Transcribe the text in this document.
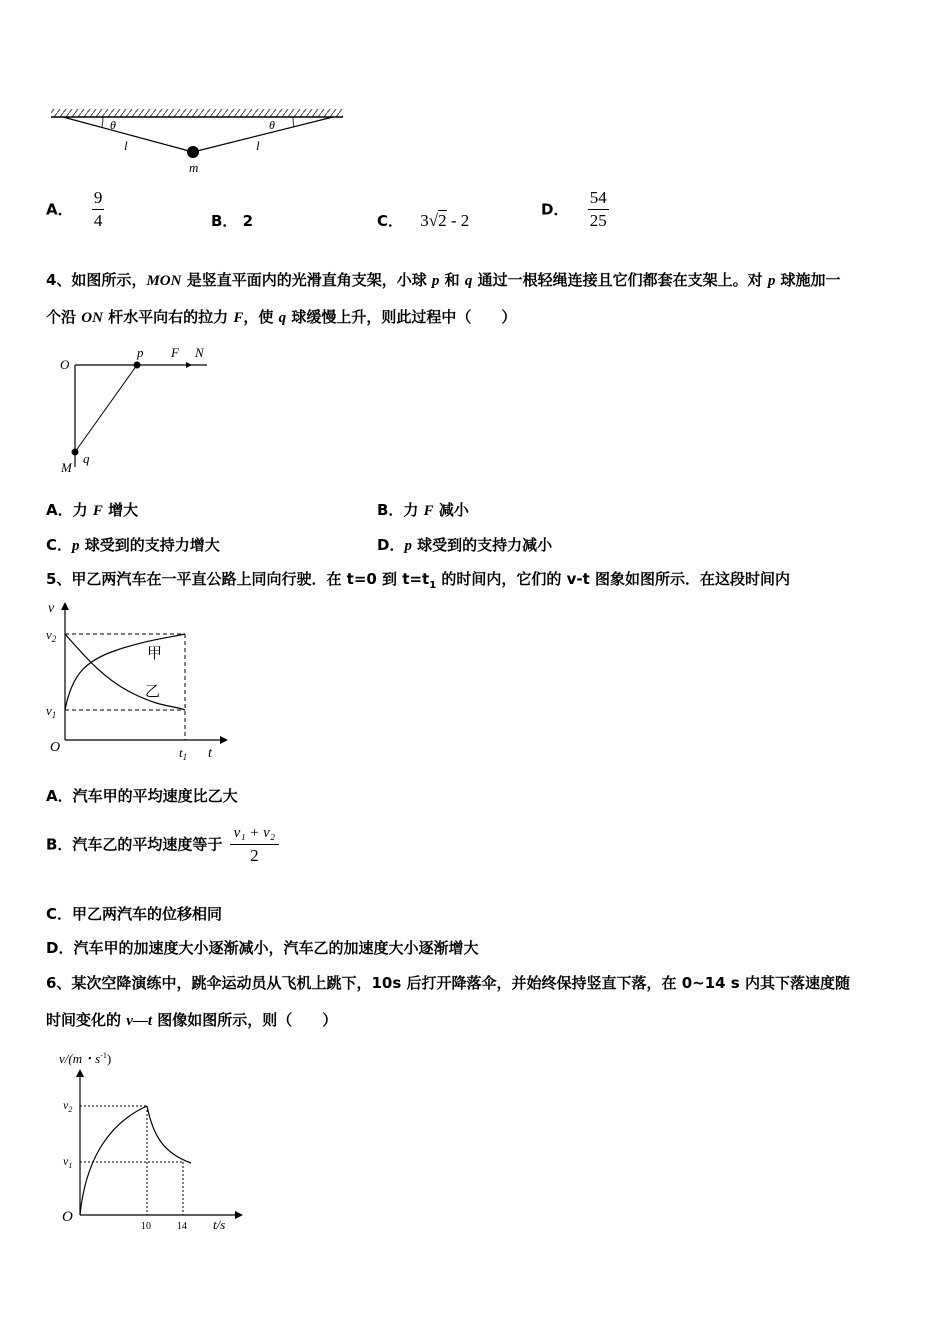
θ	θ
l	l
m
A． $\frac{9}{4}$	B． 2	C． 3√2 - 2
D． $\frac{54}{25}$
4、如图所示，MON 是竖直平面内的光滑直角支架，小球 p 和 q 通过一根轻绳连接且它们都套在支架上。对 p 球施加一
个沿 ON 杆水平向右的拉力 F，使 q 球缓慢上升，则此过程中（　　）
O
p F N
M
q
A．力 F 增大	B．力 F 减小
C．p 球受到的支持力增大	D．p 球受到的支持力减小
5、甲乙两汽车在一平直公路上同向行驶．在 t=0 到 $t=t_1$ 的时间内，它们的 v-t 图象如图所示．在这段时间内
v
$v_2$
$v_1$
O	$t_1$ t
甲
乙
A．汽车甲的平均速度比乙大
B．汽车乙的平均速度等于 $\frac{\text{v₁ + v₂}}{2}$
C．甲乙两汽车的位移相同
D．汽车甲的加速度大小逐渐减小，汽车乙的加速度大小逐渐增大
6、某次空降演练中，跳伞运动员从飞机上跳下，10s 后打开降落伞，并始终保持竖直下落，在 0~14 s 内其下落速度随
时间变化的 v—t 图像如图所示，则（　　）
v/(m・$s^{-1}$)
$v_2$
$v_1$
O
10	14 t/s
